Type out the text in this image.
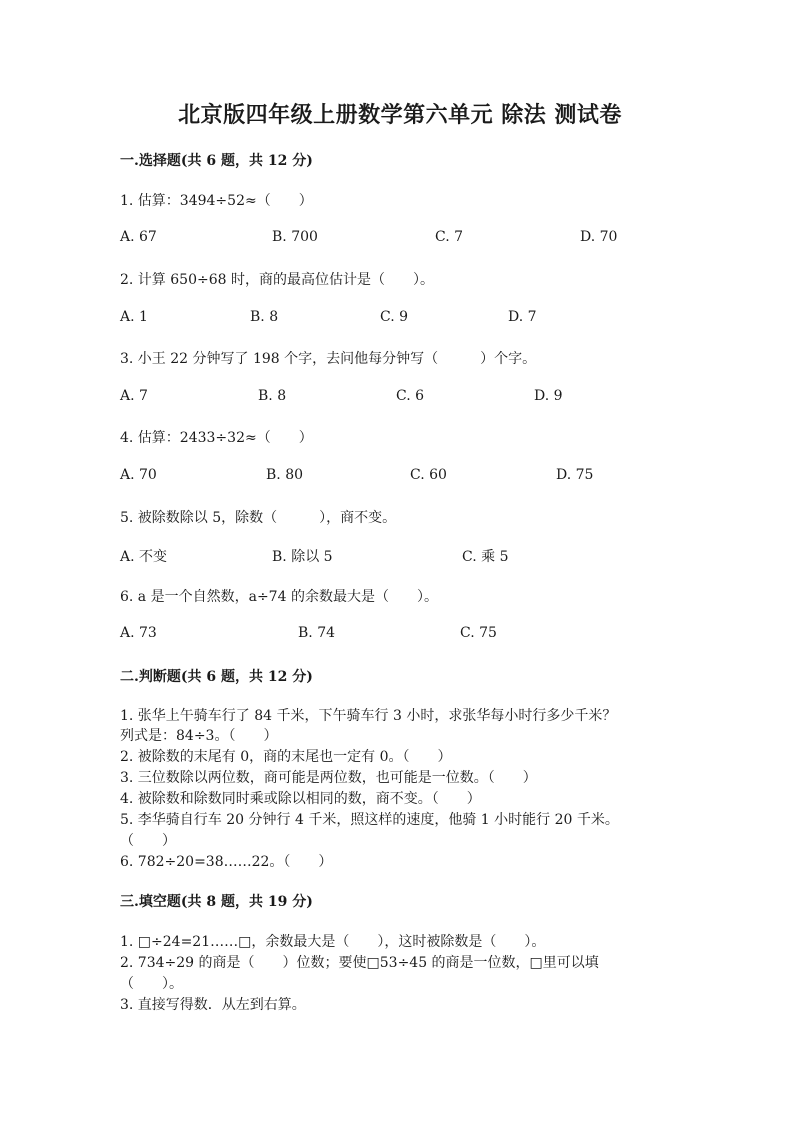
北京版四年级上册数学第六单元 除法 测试卷
一.选择题(共 6 题，共 12 分)
1. 估算：3494÷52≈（　　）
A. 67	B. 700	C. 7	D. 70
2. 计算 650÷68 时，商的最高位估计是（　　）。
A. 1	B. 8	C. 9	D. 7
3. 小王 22 分钟写了 198 个字，去问他每分钟写（　　　）个字。
A. 7	B. 8	C. 6	D. 9
4. 估算：2433÷32≈（　　）
A. 70	B. 80	C. 60	D. 75
5. 被除数除以 5，除数（　　　），商不变。
A. 不变	B. 除以 5	C. 乘 5
6. a 是一个自然数，a÷74 的余数最大是（　　）。
A. 73	B. 74	C. 75
二.判断题(共 6 题，共 12 分)
1. 张华上午骑车行了 84 千米，下午骑车行 3 小时，求张华每小时行多少千米？
列式是：84÷3。（　　）
2. 被除数的末尾有 0，商的末尾也一定有 0。（　　）
3. 三位数除以两位数，商可能是两位数，也可能是一位数。（　　）
4. 被除数和除数同时乘或除以相同的数，商不变。（　　）
5. 李华骑自行车 20 分钟行 4 千米，照这样的速度，他骑 1 小时能行 20 千米。
（　　）
6. 782÷20=38……22。（　　）
三.填空题(共 8 题，共 19 分)
1. □÷24=21……□，余数最大是（　　），这时被除数是（　　）。
2. 734÷29 的商是（　　）位数；要使□53÷45 的商是一位数，□里可以填
（　　）。
3. 直接写得数．从左到右算。
